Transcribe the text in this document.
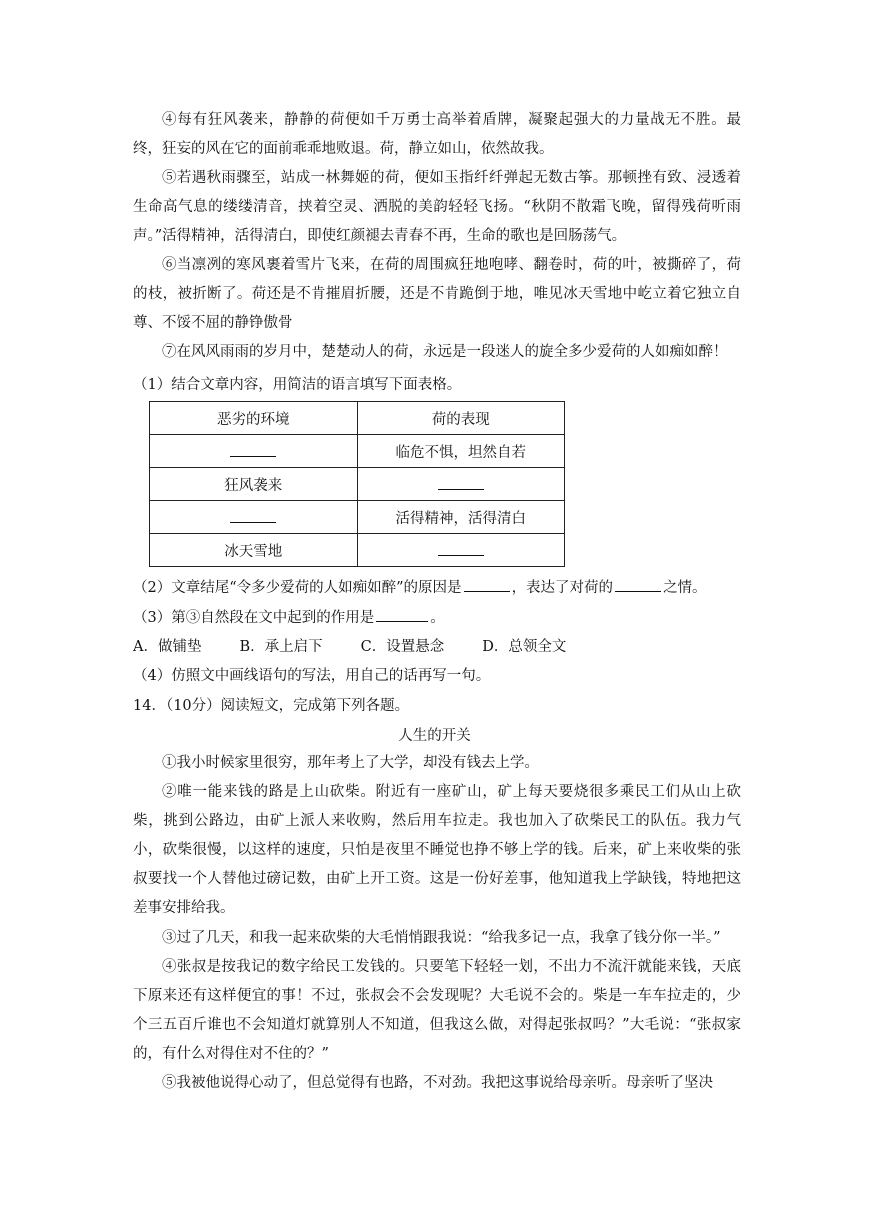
④每有狂风袭来，静静的荷便如千万勇士高举着盾牌，凝聚起强大的力量战无不胜。最终，狂妄的风在它的面前乖乖地败退。荷，静立如山，依然故我。

⑤若遇秋雨骤至，站成一林舞姬的荷，便如玉指纤纤弹起无数古筝。那顿挫有致、浸透着生命高气息的缕缕清音，挟着空灵、洒脱的美韵轻轻飞扬。“秋阴不散霜飞晚，留得残荷听雨声。”活得精神，活得清白，即使红颜褪去青春不再，生命的歌也是回肠荡气。

⑥当凛冽的寒风裹着雪片飞来，在荷的周围疯狂地咆哮、翻卷时，荷的叶，被撕碎了，荷的枝，被折断了。荷还是不肯摧眉折腰，还是不肯跪倒于地，唯见冰天雪地中屹立着它独立自尊、不馁不屈的静铮傲骨

⑦在风风雨雨的岁月中，楚楚动人的荷，永远是一段迷人的旋全多少爱荷的人如痴如醉！

（1）结合文章内容，用简洁的语言填写下面表格。

恶劣的环境	荷的表现
	临危不惧，坦然自若
狂风袭来	
	活得精神，活得清白
冰天雪地	

（2）文章结尾“令多少爱荷的人如痴如醉”的原因是	，表达了对荷的	之情。

（3）第③自然段在文中起到的作用是	。

A．做铺垫	B．承上启下	C．设置悬念	D．总领全文

（4）仿照文中画线语句的写法，用自己的话再写一句。

14．（10分）阅读短文，完成第下列各题。

人生的开关

①我小时候家里很穷，那年考上了大学，却没有钱去上学。

②唯一能来钱的路是上山砍柴。附近有一座矿山，矿上每天要烧很多乘民工们从山上砍柴，挑到公路边，由矿上派人来收购，然后用车拉走。我也加入了砍柴民工的队伍。我力气小，砍柴很慢，以这样的速度，只怕是夜里不睡觉也挣不够上学的钱。后来，矿上来收柴的张叔要找一个人替他过磅记数，由矿上开工资。这是一份好差事，他知道我上学缺钱，特地把这差事安排给我。

③过了几天，和我一起来砍柴的大毛悄悄跟我说：“给我多记一点，我拿了钱分你一半。”

④张叔是按我记的数字给民工发钱的。只要笔下轻轻一划，不出力不流汗就能来钱，天底下原来还有这样便宜的事！不过，张叔会不会发现呢？大毛说不会的。柴是一车车拉走的，少个三五百斤谁也不会知道灯就算别人不知道，但我这么做，对得起张叔吗？”大毛说：“张叔家的，有什么对得住对不住的？”

⑤我被他说得心动了，但总觉得有也路，不对劲。我把这事说给母亲听。母亲听了坚决
